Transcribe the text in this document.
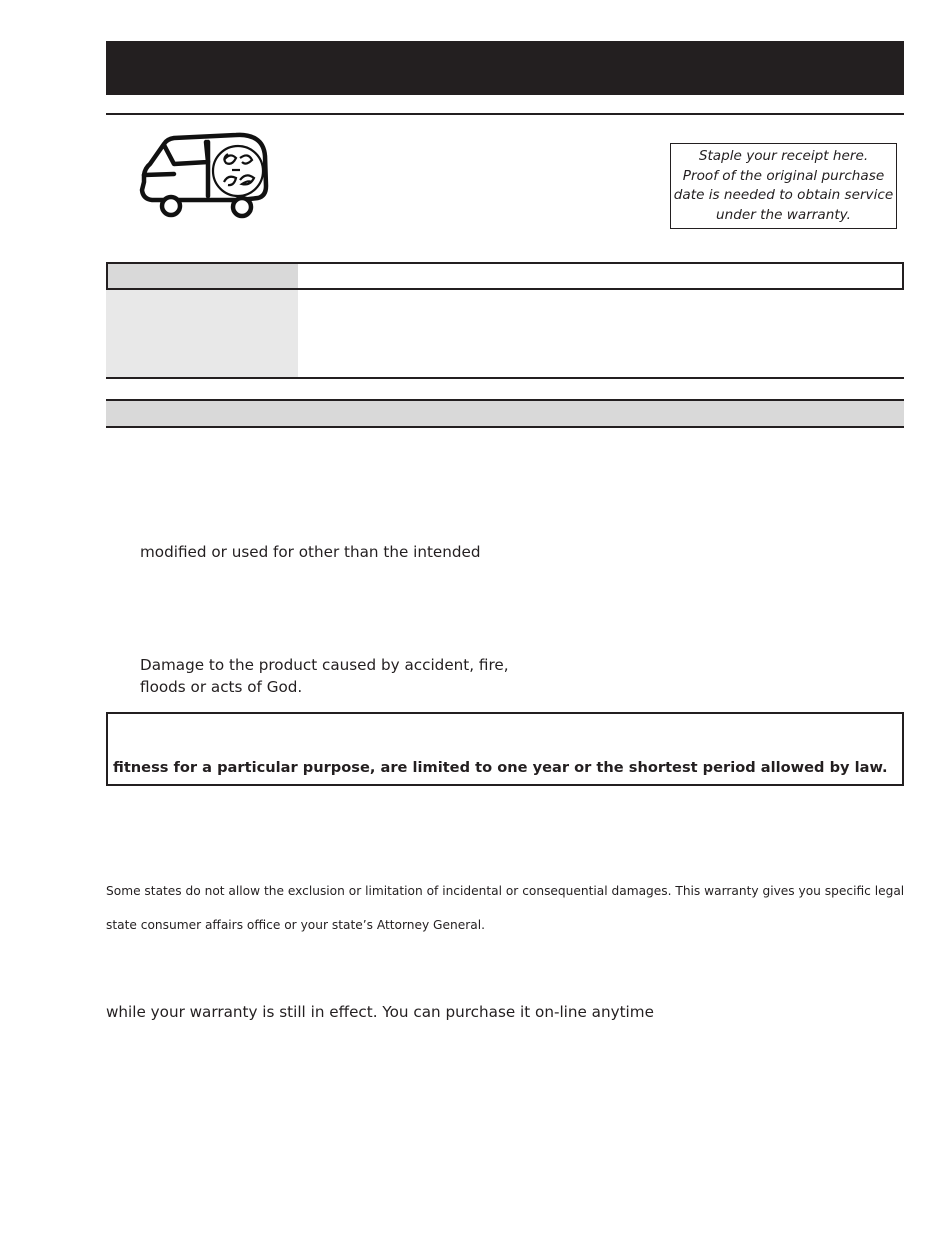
Staple your receipt here.
Proof of the original purchase
date is needed to obtain service
under the warranty.
modified or used for other than the intended
Damage to the product caused by accident, fire,
floods or acts of God.
fitness for a particular purpose, are limited to one year or the shortest period allowed by law.
Some states do not allow the exclusion or limitation of incidental or consequential damages. This warranty gives you specific legal
state consumer affairs office or your state’s Attorney General.
while your warranty is still in effect. You can purchase it on-line anytime
